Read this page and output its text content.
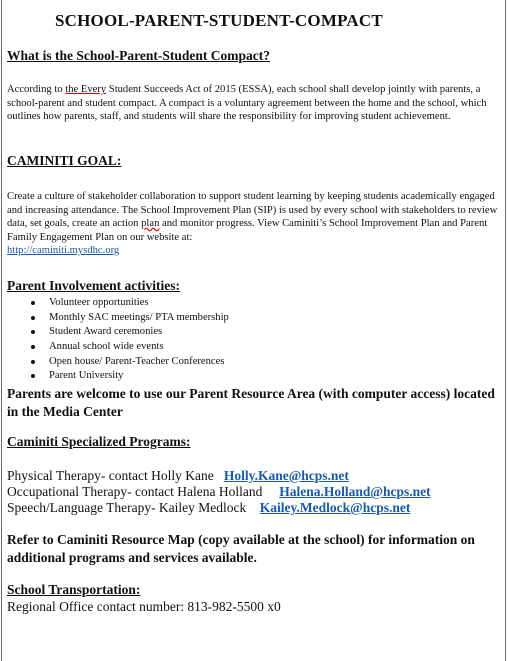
SCHOOL-PARENT-STUDENT-COMPACT
What is the School-Parent-Student Compact?
According to the Every Student Succeeds Act of 2015 (ESSA), each school shall develop jointly with parents, a school-parent and student compact. A compact is a voluntary agreement between the home and the school, which outlines how parents, staff, and students will share the responsibility for improving student achievement.
CAMINITI GOAL:
Create a culture of stakeholder collaboration to support student learning by keeping students academically engaged and increasing attendance. The School Improvement Plan (SIP) is used by every school with stakeholders to review data, set goals, create an action plan and monitor progress. View Caminiti’s School Improvement Plan and Parent Family Engagement Plan on our website at:
http://caminiti.mysdhc.org
Parent Involvement activities:
Volunteer opportunities
Monthly SAC meetings/ PTA membership
Student Award ceremonies
Annual school wide events
Open house/ Parent-Teacher Conferences
Parent University
Parents are welcome to use our Parent Resource Area (with computer access) located in the Media Center
Caminiti Specialized Programs:
Physical Therapy- contact Holly Kane Holly.Kane@hcps.net
Occupational Therapy- contact Halena Holland Halena.Holland@hcps.net
Speech/Language Therapy- Kailey Medlock Kailey.Medlock@hcps.net
Refer to Caminiti Resource Map (copy available at the school) for information on additional programs and services available.
School Transportation:
Regional Office contact number: 813-982-5500 x0
